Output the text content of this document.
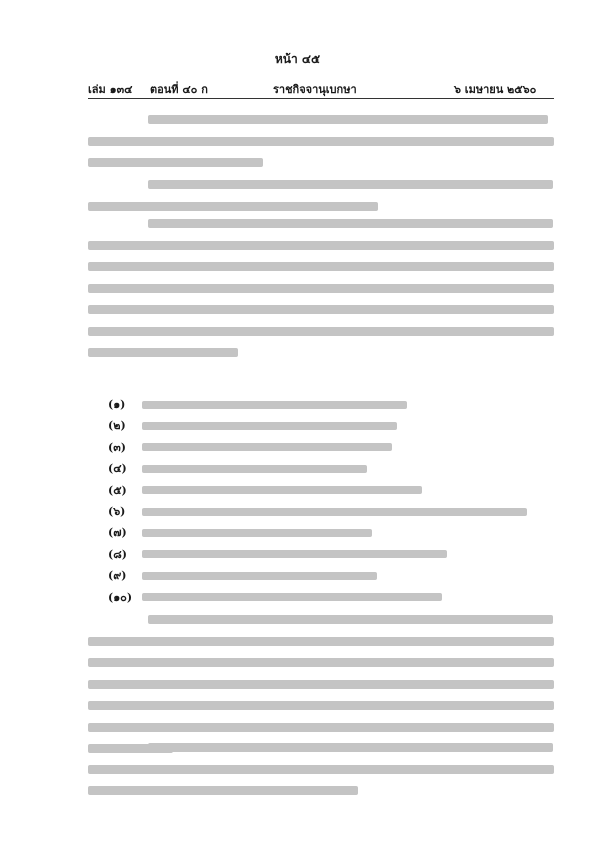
หน้า ๔๕
เล่ม ๑๓๔ ตอนที่ ๔๐ ก	ราชกิจจานุเบกษา	๖ เมษายน ๒๕๖๐
(๑)
(๒)
(๓)
(๔)
(๕)
(๖)
(๗)
(๘)
(๙)
(๑๐)
